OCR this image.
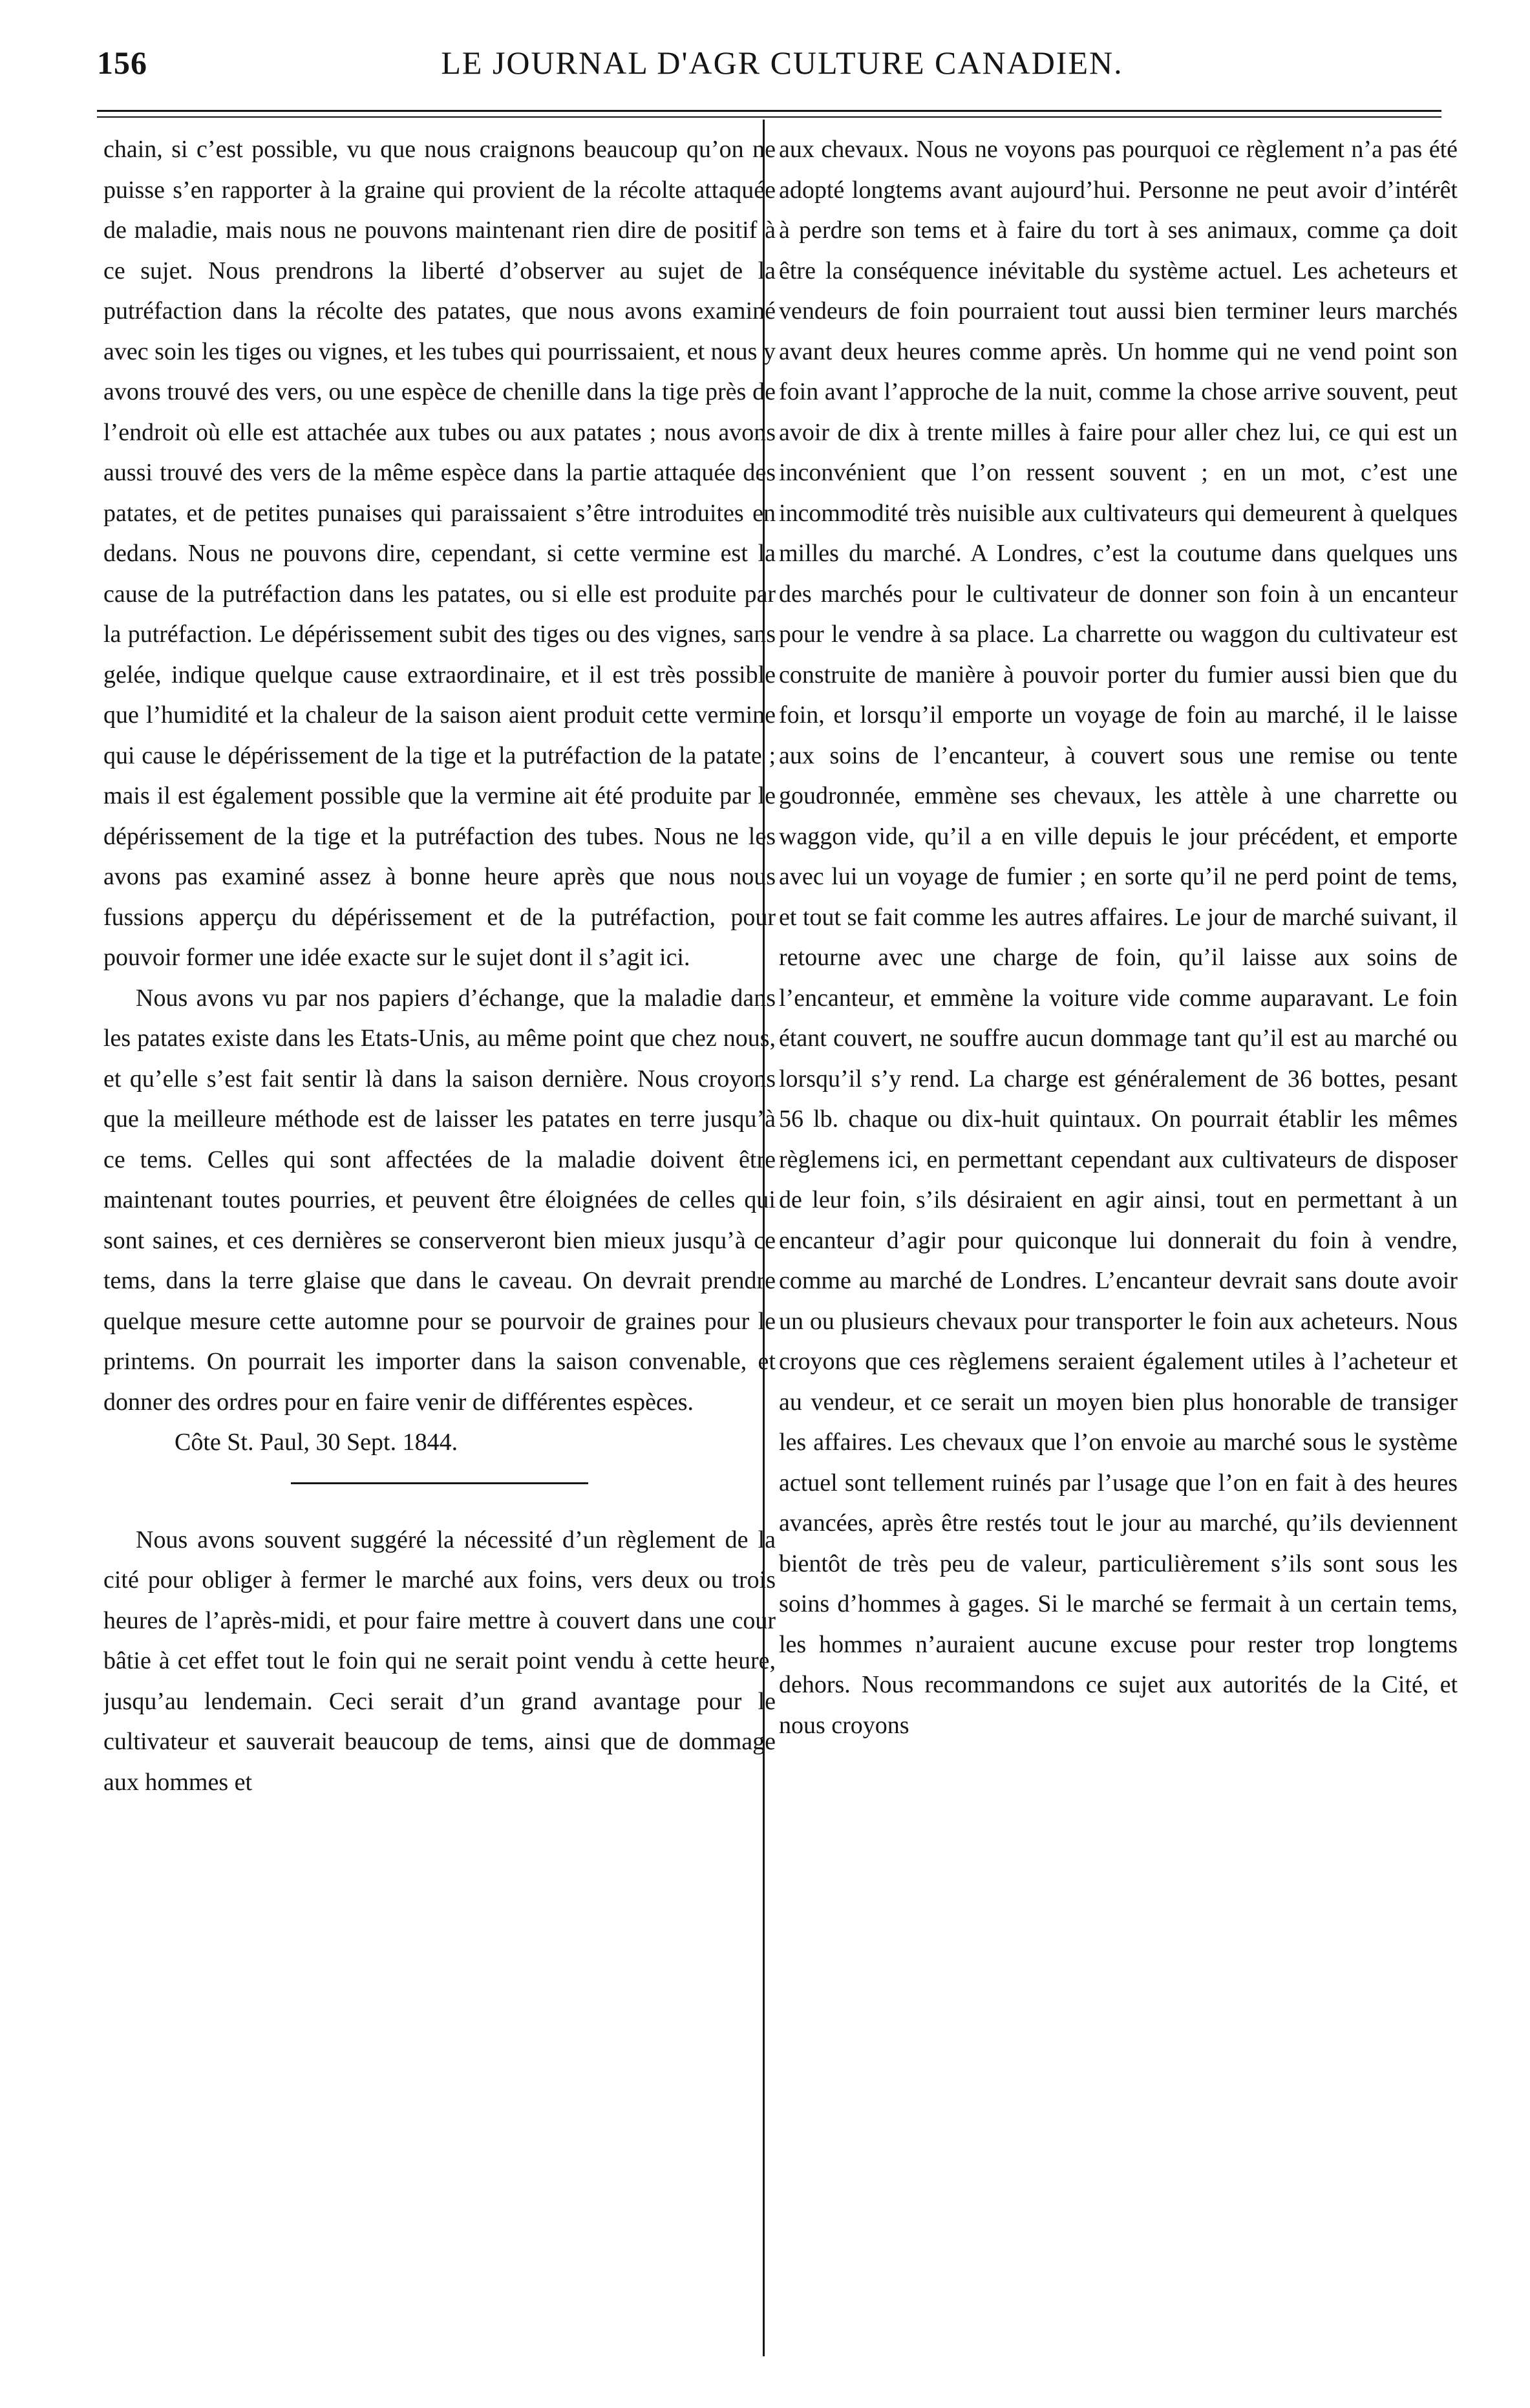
156	LE JOURNAL D'AGR CULTURE CANADIEN.

chain, si c’est possible, vu que nous craignons beaucoup qu’on ne puisse s’en rapporter à la graine qui provient de la récolte attaquée de maladie, mais nous ne pouvons maintenant rien dire de positif à ce sujet. Nous prendrons la liberté d’observer au sujet de la putréfaction dans la récolte des patates, que nous avons examiné avec soin les tiges ou vignes, et les tubes qui pourrissaient, et nous y avons trouvé des vers, ou une espèce de chenille dans la tige près de l’endroit où elle est attachée aux tubes ou aux patates ; nous avons aussi trouvé des vers de la même espèce dans la partie attaquée des patates, et de petites punaises qui paraissaient s’être introduites en dedans. Nous ne pouvons dire, cependant, si cette vermine est la cause de la putréfaction dans les patates, ou si elle est produite par la putréfaction. Le dépérissement subit des tiges ou des vignes, sans gelée, indique quelque cause extraordinaire, et il est très possible que l’humidité et la chaleur de la saison aient produit cette vermine qui cause le dépérissement de la tige et la putréfaction de la patate ; mais il est également possible que la vermine ait été produite par le dépérissement de la tige et la putréfaction des tubes. Nous ne les avons pas examiné assez à bonne heure après que nous nous fussions apperçu du dépérissement et de la putréfaction, pour pouvoir former une idée exacte sur le sujet dont il s’agit ici.

Nous avons vu par nos papiers d’échange, que la maladie dans les patates existe dans les Etats-Unis, au même point que chez nous, et qu’elle s’est fait sentir là dans la saison dernière. Nous croyons que la meilleure méthode est de laisser les patates en terre jusqu’à ce tems. Celles qui sont affectées de la maladie doivent être maintenant toutes pourries, et peuvent être éloignées de celles qui sont saines, et ces dernières se conserveront bien mieux jusqu’à ce tems, dans la terre glaise que dans le caveau. On devrait prendre quelque mesure cette automne pour se pourvoir de graines pour le printems. On pourrait les importer dans la saison convenable, et donner des ordres pour en faire venir de différentes espèces.

Côte St. Paul, 30 Sept. 1844.

Nous avons souvent suggéré la nécessité d’un règlement de la cité pour obliger à fermer le marché aux foins, vers deux ou trois heures de l’après-midi, et pour faire mettre à couvert dans une cour bâtie à cet effet tout le foin qui ne serait point vendu à cette heure, jusqu’au lendemain. Ceci serait d’un grand avantage pour le cultivateur et sauverait beaucoup de tems, ainsi que de dommage aux hommes et

aux chevaux. Nous ne voyons pas pourquoi ce règlement n’a pas été adopté longtems avant aujourd’hui. Personne ne peut avoir d’intérêt à perdre son tems et à faire du tort à ses animaux, comme ça doit être la conséquence inévitable du système actuel. Les acheteurs et vendeurs de foin pourraient tout aussi bien terminer leurs marchés avant deux heures comme après. Un homme qui ne vend point son foin avant l’approche de la nuit, comme la chose arrive souvent, peut avoir de dix à trente milles à faire pour aller chez lui, ce qui est un inconvénient que l’on ressent souvent ; en un mot, c’est une incommodité très nuisible aux cultivateurs qui demeurent à quelques milles du marché. A Londres, c’est la coutume dans quelques uns des marchés pour le cultivateur de donner son foin à un encanteur pour le vendre à sa place. La charrette ou waggon du cultivateur est construite de manière à pouvoir porter du fumier aussi bien que du foin, et lorsqu’il emporte un voyage de foin au marché, il le laisse aux soins de l’encanteur, à couvert sous une remise ou tente goudronnée, emmène ses chevaux, les attèle à une charrette ou waggon vide, qu’il a en ville depuis le jour précédent, et emporte avec lui un voyage de fumier ; en sorte qu’il ne perd point de tems, et tout se fait comme les autres affaires. Le jour de marché suivant, il retourne avec une charge de foin, qu’il laisse aux soins de l’encanteur, et emmène la voiture vide comme auparavant. Le foin étant couvert, ne souffre aucun dommage tant qu’il est au marché ou lorsqu’il s’y rend. La charge est généralement de 36 bottes, pesant 56 lb. chaque ou dix-huit quintaux. On pourrait établir les mêmes règlemens ici, en permettant cependant aux cultivateurs de disposer de leur foin, s’ils désiraient en agir ainsi, tout en permettant à un encanteur d’agir pour quiconque lui donnerait du foin à vendre, comme au marché de Londres. L’encanteur devrait sans doute avoir un ou plusieurs chevaux pour transporter le foin aux acheteurs. Nous croyons que ces règlemens seraient également utiles à l’acheteur et au vendeur, et ce serait un moyen bien plus honorable de transiger les affaires. Les chevaux que l’on envoie au marché sous le système actuel sont tellement ruinés par l’usage que l’on en fait à des heures avancées, après être restés tout le jour au marché, qu’ils deviennent bientôt de très peu de valeur, particulièrement s’ils sont sous les soins d’hommes à gages. Si le marché se fermait à un certain tems, les hommes n’auraient aucune excuse pour rester trop longtems dehors. Nous recommandons ce sujet aux autorités de la Cité, et nous croyons
